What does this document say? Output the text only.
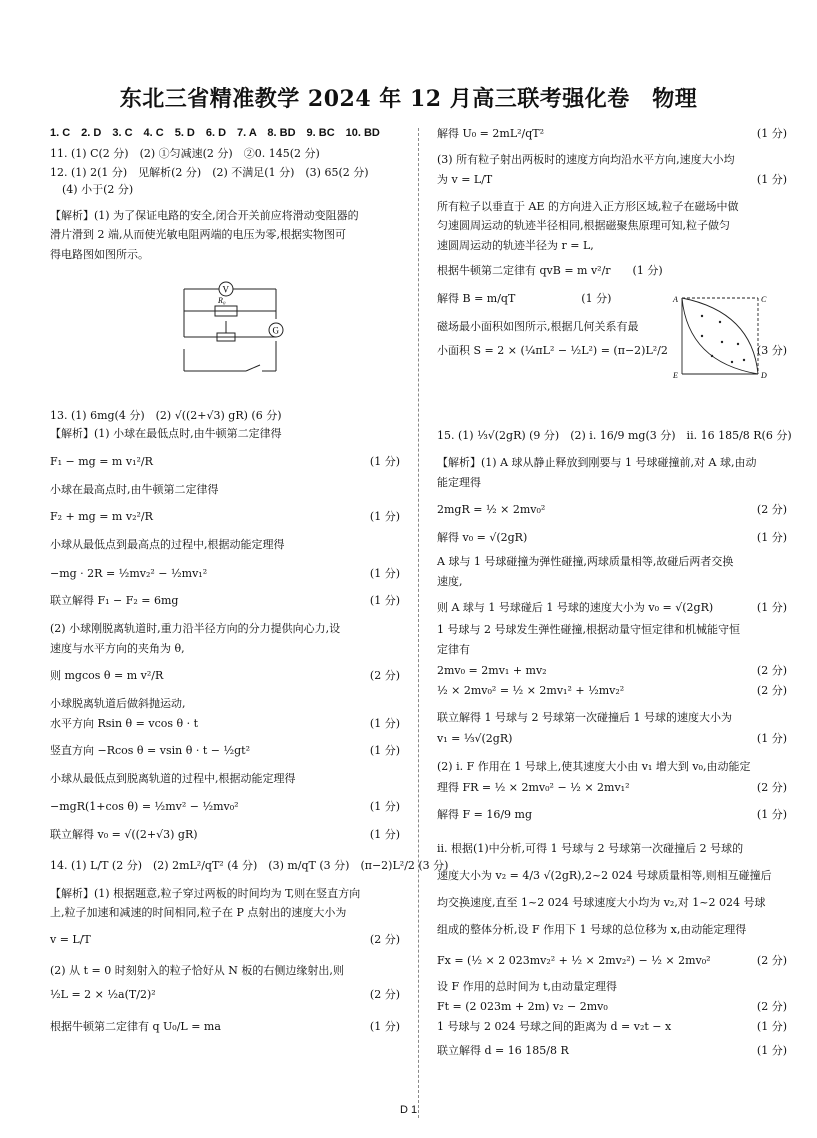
东北三省精准教学 2024 年 12 月高三联考强化卷　物理
1. C　2. D　3. C　4. C　5. D　6. D　7. A　8. BD　9. BC　10. BD
11. (1) C(2 分)　(2) ①匀减速(2 分)　②0. 145(2 分)
12. (1) 2(1 分)　见解析(2 分)　(2) 不满足(1 分)　(3) 65(2 分)
(4) 小于(2 分)
【解析】(1) 为了保证电路的安全,闭合开关前应将滑动变阻器的
滑片滑到 2 端,从而使光敏电阻两端的电压为零,根据实物图可
得电路图如图所示。
13. (1) 6mg(4 分)　(2) √((2+√3) gR) (6 分)
【解析】(1) 小球在最低点时,由牛顿第二定律得
F₁ − mg = m v₁²/R	(1 分)
小球在最高点时,由牛顿第二定律得
F₂ + mg = m v₂²/R	(1 分)
小球从最低点到最高点的过程中,根据动能定理得
−mg · 2R = ½mv₂² − ½mv₁²	(1 分)
联立解得 F₁ − F₂ = 6mg	(1 分)
(2) 小球刚脱离轨道时,重力沿半径方向的分力提供向心力,设
速度与水平方向的夹角为 θ,
则 mgcos θ = m v²/R	(2 分)
小球脱离轨道后做斜抛运动,
水平方向 Rsin θ = vcos θ · t	(1 分)
竖直方向 −Rcos θ = vsin θ · t − ½gt²	(1 分)
小球从最低点到脱离轨道的过程中,根据动能定理得
−mgR(1+cos θ) = ½mv² − ½mv₀²	(1 分)
联立解得 v₀ = √((2+√3) gR)	(1 分)
14. (1) L/T (2 分)　(2) 2mL²/qT² (4 分)　(3) m/qT (3 分)　(π−2)L²/2 (3 分)
【解析】(1) 根据题意,粒子穿过两板的时间均为 T,则在竖直方向
上,粒子加速和减速的时间相同,粒子在 P 点射出的速度大小为
v = L/T	(2 分)
(2) 从 t = 0 时刻射入的粒子恰好从 N 板的右侧边缘射出,则
½L = 2 × ½a(T/2)²	(2 分)
根据牛顿第二定律有 q U₀/L = ma	(1 分)
解得 U₀ = 2mL²/qT²	(1 分)
(3) 所有粒子射出两板时的速度方向均沿水平方向,速度大小均
为 v = L/T	(1 分)
所有粒子以垂直于 AE 的方向进入正方形区域,粒子在磁场中做
匀速圆周运动的轨迹半径相同,根据磁聚焦原理可知,粒子做匀
速圆周运动的轨迹半径为 r = L,
根据牛顿第二定律有 qvB = m v²/r　　(1 分)
解得 B = m/qT　　　　　　(1 分)
磁场最小面积如图所示,根据几何关系有最
小面积 S = 2 × (¼πL² − ½L²) = (π−2)L²/2	(3 分)
15. (1) ⅓√(2gR) (9 分)　(2) i. 16/9 mg(3 分)　ii. 16 185/8 R(6 分)
【解析】(1) A 球从静止释放到刚要与 1 号球碰撞前,对 A 球,由动
能定理得
2mgR = ½ × 2mv₀²	(2 分)
解得 v₀ = √(2gR)	(1 分)
A 球与 1 号球碰撞为弹性碰撞,两球质量相等,故碰后两者交换
速度,
则 A 球与 1 号球碰后 1 号球的速度大小为 v₀ = √(2gR)	(1 分)
1 号球与 2 号球发生弹性碰撞,根据动量守恒定律和机械能守恒
定律有
2mv₀ = 2mv₁ + mv₂	(2 分)
½ × 2mv₀² = ½ × 2mv₁² + ½mv₂²	(2 分)
联立解得 1 号球与 2 号球第一次碰撞后 1 号球的速度大小为
v₁ = ⅓√(2gR)	(1 分)
(2) i. F 作用在 1 号球上,使其速度大小由 v₁ 增大到 v₀,由动能定
理得 FR = ½ × 2mv₀² − ½ × 2mv₁²	(2 分)
解得 F = 16/9 mg	(1 分)
ii. 根据(1)中分析,可得 1 号球与 2 号球第一次碰撞后 2 号球的
速度大小为 v₂ = 4/3 √(2gR),2~2 024 号球质量相等,则相互碰撞后
均交换速度,直至 1~2 024 号球速度大小均为 v₂,对 1~2 024 号球
组成的整体分析,设 F 作用下 1 号球的总位移为 x,由动能定理得
Fx = (½ × 2 023mv₂² + ½ × 2mv₂²) − ½ × 2mv₀²	(2 分)
设 F 作用的总时间为 t,由动量定理得
Ft = (2 023m + 2m) v₂ − 2mv₀	(2 分)
1 号球与 2 024 号球之间的距离为 d = v₂t − x	(1 分)
联立解得 d = 16 185/8 R	(1 分)
V
R₀
G
A	C
E	D
D 1
